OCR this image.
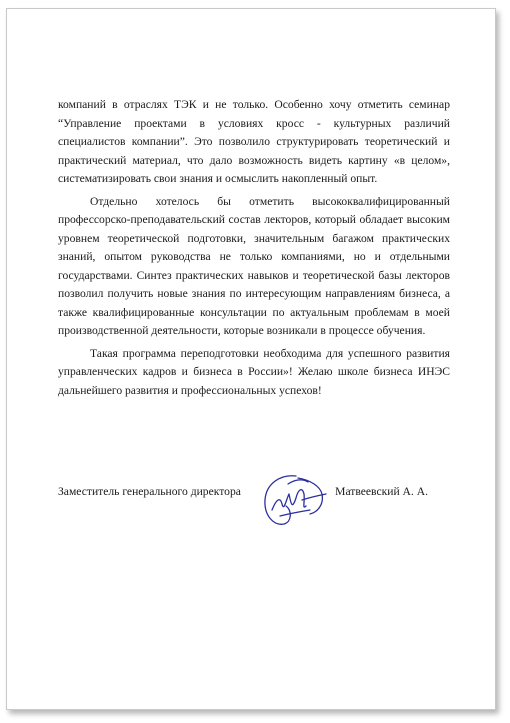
компаний в отраслях ТЭК и не только. Особенно хочу отметить семинар “Управление проектами в условиях кросс - культурных различий специалистов компании”. Это позволило структурировать теоретический и практический материал, что дало возможность видеть картину «в целом», систематизировать свои знания и осмыслить накопленный опыт.

Отдельно хотелось бы отметить высококвалифицированный профессорско-преподавательский состав лекторов, который обладает высоким уровнем теоретической подготовки, значительным багажом практических знаний, опытом руководства не только компаниями, но и отдельными государствами. Синтез практических навыков и теоретической базы лекторов позволил получить новые знания по интересующим направлениям бизнеса, а также квалифицированные консультации по актуальным проблемам в моей производственной деятельности, которые возникали в процессе обучения.

Такая программа переподготовки необходима для успешного развития управленческих кадров и бизнеса в России»! Желаю школе бизнеса ИНЭС дальнейшего развития и профессиональных успехов!

Заместитель генерального директора	Матвеевский А. А.
